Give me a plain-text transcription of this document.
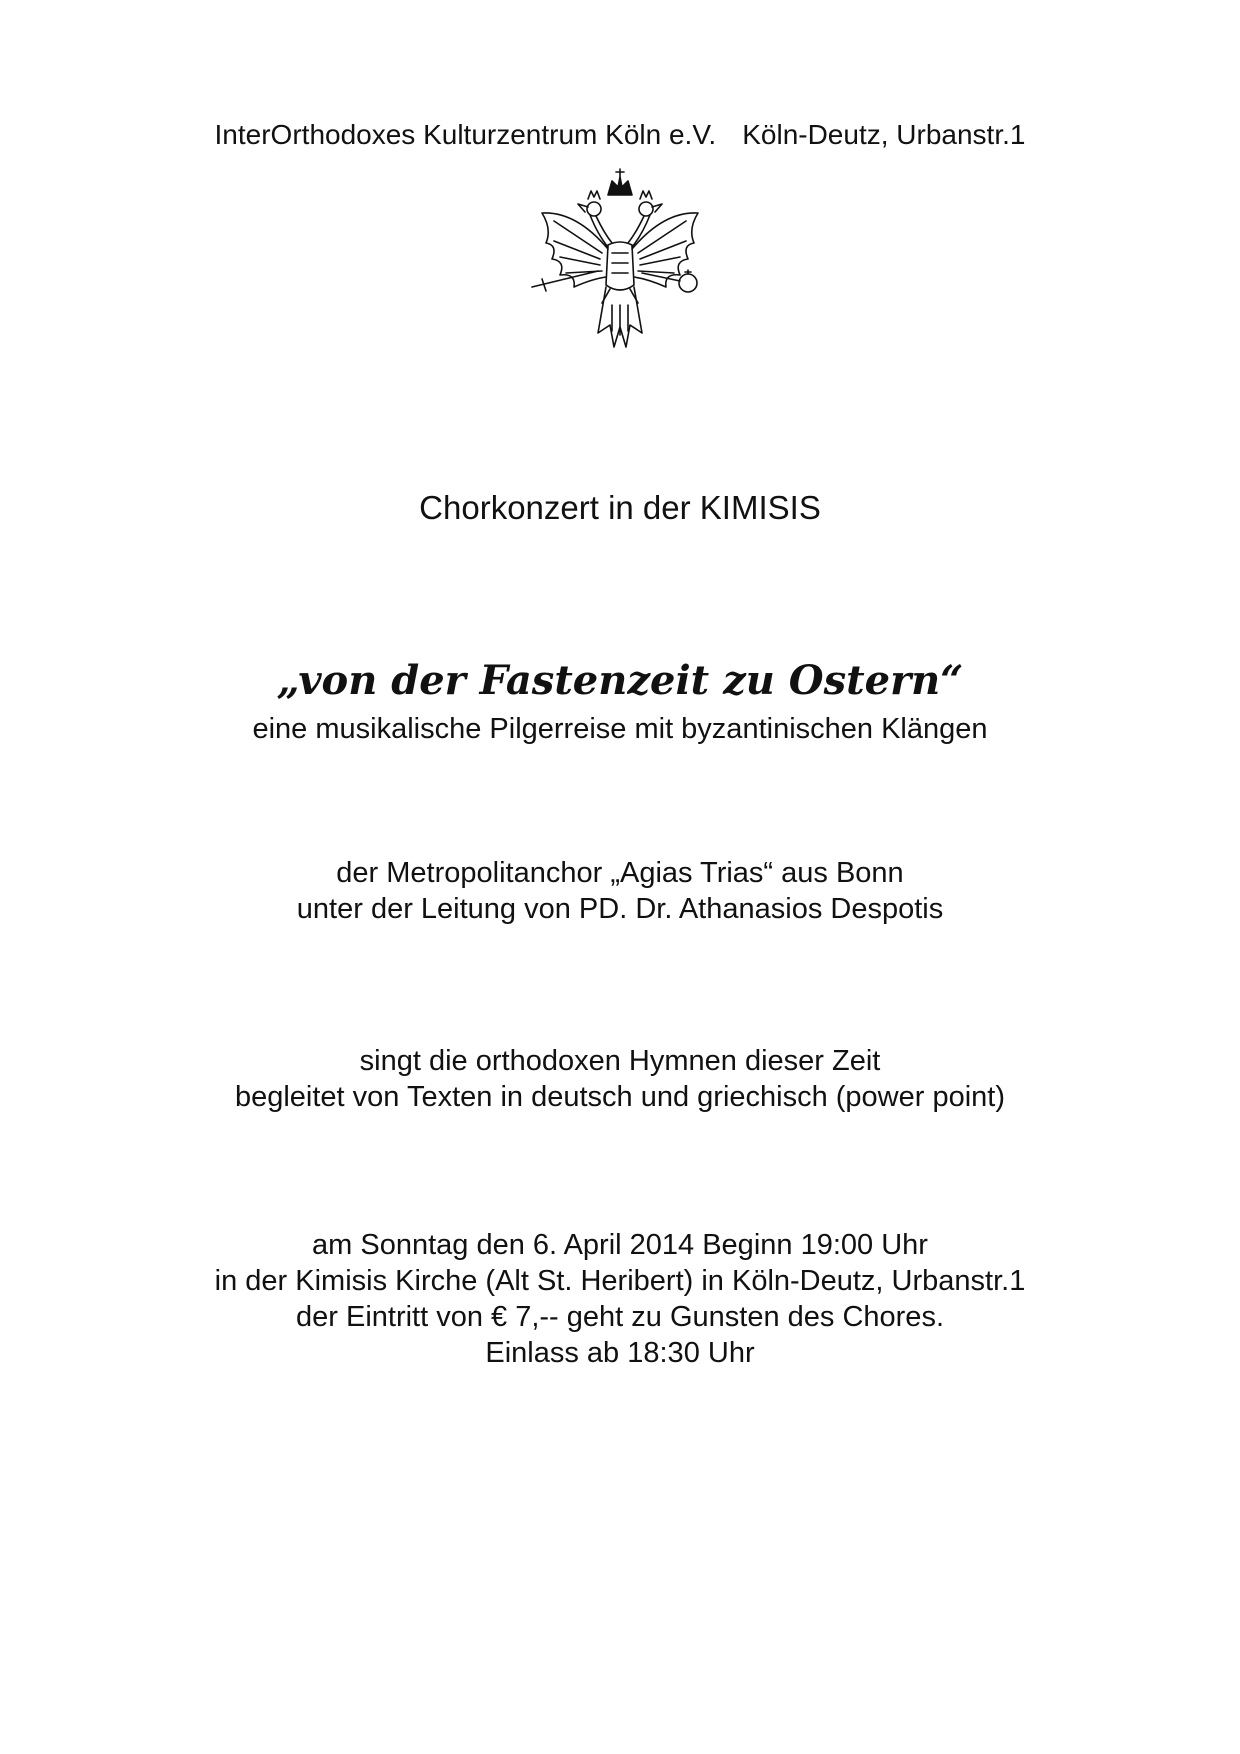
InterOrthodoxes Kulturzentrum Köln e.V. Köln-Deutz, Urbanstr.1
Chorkonzert in der KIMISIS
„von der Fastenzeit zu Ostern“
eine musikalische Pilgerreise mit byzantinischen Klängen
der Metropolitanchor „Agias Trias“ aus Bonn
unter der Leitung von PD. Dr. Athanasios Despotis
singt die orthodoxen Hymnen dieser Zeit
begleitet von Texten in deutsch und griechisch (power point)
am Sonntag den 6. April 2014 Beginn 19:00 Uhr
in der Kimisis Kirche (Alt St. Heribert) in Köln-Deutz, Urbanstr.1
der Eintritt von € 7,-- geht zu Gunsten des Chores.
Einlass ab 18:30 Uhr
